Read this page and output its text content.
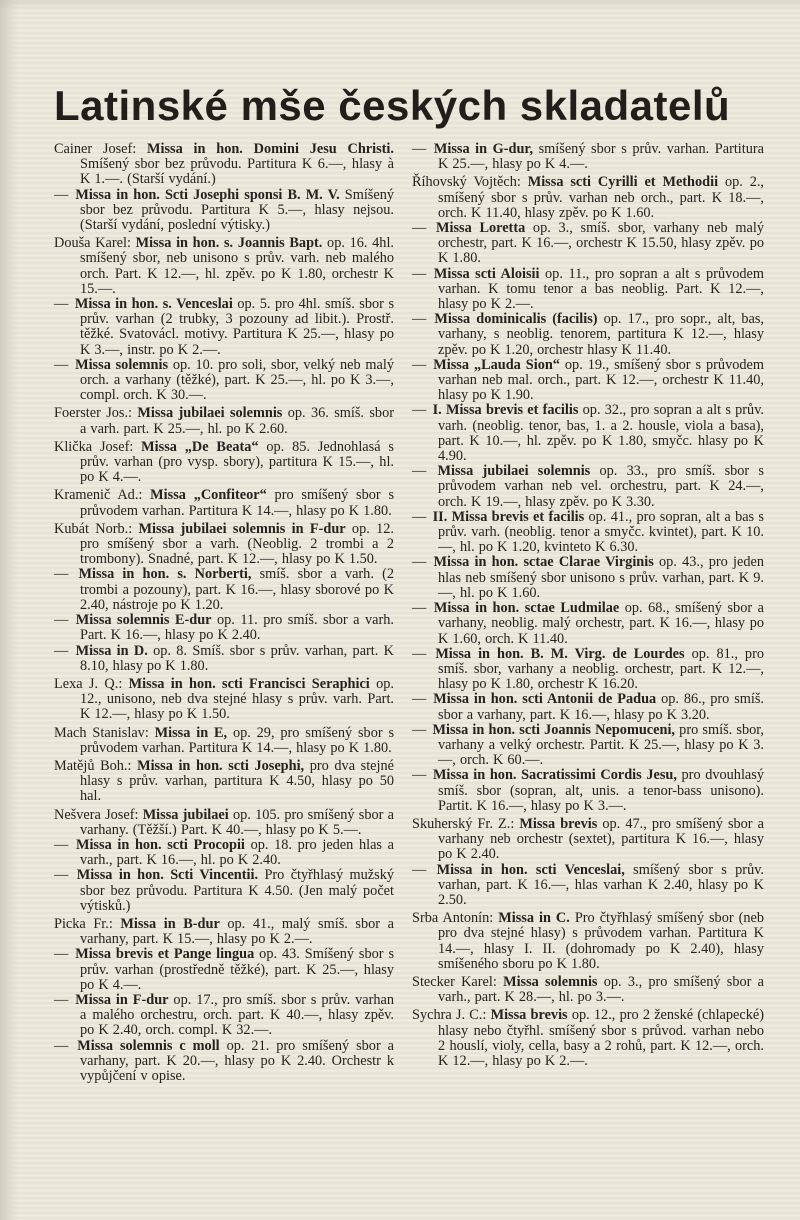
Latinské mše českých skladatelů
Cainer Josef: Missa in hon. Domini Jesu Christi. Smíšený sbor bez průvodu. Partitura K 6.—, hlasy à K 1.—. (Starší vydání.)
— Missa in hon. Scti Josephi sponsi B. M. V. Smíšený sbor bez průvodu. Partitura K 5.—, hlasy nejsou. (Starší vydání, poslední výtisky.)
Douša Karel: Missa in hon. s. Joannis Bapt. op. 16. 4hl. smíšený sbor, neb unisono s prův. varh. neb malého orch. Part. K 12.—, hl. zpěv. po K 1.80, orchestr K 15.—.
— Missa in hon. s. Venceslai op. 5. pro 4hl. smíš. sbor s prův. varhan (2 trubky, 3 pozouny ad libit.). Prostř. těžké. Svatovácl. motivy. Partitura K 25.—, hlasy po K 3.—, instr. po K 2.—.
— Missa solemnis op. 10. pro soli, sbor, velký neb malý orch. a varhany (těžké), part. K 25.—, hl. po K 3.—, compl. orch. K 30.—.
Foerster Jos.: Missa jubilaei solemnis op. 36. smíš. sbor a varh. part. K 25.—, hl. po K 2.60.
Klička Josef: Missa „De Beata“ op. 85. Jednohlasá s prův. varhan (pro vysp. sbory), partitura K 15.—, hl. po K 4.—.
Kramenič Ad.: Missa „Confiteor“ pro smíšený sbor s průvodem varhan. Partitura K 14.—, hlasy po K 1.80.
Kubát Norb.: Missa jubilaei solemnis in F-dur op. 12. pro smíšený sbor a varh. (Neoblig. 2 trombi a 2 trombony). Snadné, part. K 12.—, hlasy po K 1.50.
— Missa in hon. s. Norberti, smíš. sbor a varh. (2 trombi a pozouny), part. K 16.—, hlasy sborové po K 2.40, nástroje po K 1.20.
— Missa solemnis E-dur op. 11. pro smíš. sbor a varh. Part. K 16.—, hlasy po K 2.40.
— Missa in D. op. 8. Smíš. sbor s prův. varhan, part. K 8.10, hlasy po K 1.80.
Lexa J. Q.: Missa in hon. scti Francisci Seraphici op. 12., unisono, neb dva stejné hlasy s prův. varh. Part. K 12.—, hlasy po K 1.50.
Mach Stanislav: Missa in E, op. 29, pro smíšený sbor s průvodem varhan. Partitura K 14.—, hlasy po K 1.80.
Matějů Boh.: Missa in hon. scti Josephi, pro dva stejné hlasy s prův. varhan, partitura K 4.50, hlasy po 50 hal.
Nešvera Josef: Missa jubilaei op. 105. pro smíšený sbor a varhany. (Těžší.) Part. K 40.—, hlasy po K 5.—.
— Missa in hon. scti Procopii op. 18. pro jeden hlas a varh., part. K 16.—, hl. po K 2.40.
— Missa in hon. Scti Vincentii. Pro čtyřhlasý mužský sbor bez průvodu. Partitura K 4.50. (Jen malý počet výtisků.)
Picka Fr.: Missa in B-dur op. 41., malý smíš. sbor a varhany, part. K 15.—, hlasy po K 2.—.
— Missa brevis et Pange lingua op. 43. Smíšený sbor s prův. varhan (prostředně těžké), part. K 25.—, hlasy po K 4.—.
— Missa in F-dur op. 17., pro smíš. sbor s prův. varhan a malého orchestru, orch. part. K 40.—, hlasy zpěv. po K 2.40, orch. compl. K 32.—.
— Missa solemnis c moll op. 21. pro smíšený sbor a varhany, part. K 20.—, hlasy po K 2.40. Orchestr k vypůjčení v opise.
— Missa in G-dur, smíšený sbor s prův. varhan. Partitura K 25.—, hlasy po K 4.—.
Říhovský Vojtěch: Missa scti Cyrilli et Methodii op. 2., smíšený sbor s prův. varhan neb orch., part. K 18.—, orch. K 11.40, hlasy zpěv. po K 1.60.
— Missa Loretta op. 3., smíš. sbor, varhany neb malý orchestr, part. K 16.—, orchestr K 15.50, hlasy zpěv. po K 1.80.
— Missa scti Aloisii op. 11., pro sopran a alt s průvodem varhan. K tomu tenor a bas neoblig. Part. K 12.—, hlasy po K 2.—.
— Missa dominicalis (facilis) op. 17., pro sopr., alt, bas, varhany, s neoblig. tenorem, partitura K 12.—, hlasy zpěv. po K 1.20, orchestr hlasy K 11.40.
— Missa „Lauda Sion“ op. 19., smíšený sbor s průvodem varhan neb mal. orch., part. K 12.—, orchestr K 11.40, hlasy po K 1.90.
— I. Missa brevis et facilis op. 32., pro sopran a alt s prův. varh. (neoblig. tenor, bas, 1. a 2. housle, viola a basa), part. K 10.—, hl. zpěv. po K 1.80, smyčc. hlasy po K 4.90.
— Missa jubilaei solemnis op. 33., pro smíš. sbor s průvodem varhan neb vel. orchestru, part. K 24.—, orch. K 19.—, hlasy zpěv. po K 3.30.
— II. Missa brevis et facilis op. 41., pro sopran, alt a bas s prův. varh. (neoblig. tenor a smyčc. kvintet), part. K 10.—, hl. po K 1.20, kvinteto K 6.30.
— Missa in hon. sctae Clarae Virginis op. 43., pro jeden hlas neb smíšený sbor unisono s prův. varhan, part. K 9.—, hl. po K 1.60.
— Missa in hon. sctae Ludmilae op. 68., smíšený sbor a varhany, neoblig. malý orchestr, part. K 16.—, hlasy po K 1.60, orch. K 11.40.
— Missa in hon. B. M. Virg. de Lourdes op. 81., pro smíš. sbor, varhany a neoblig. orchestr, part. K 12.—, hlasy po K 1.80, orchestr K 16.20.
— Missa in hon. scti Antonii de Padua op. 86., pro smíš. sbor a varhany, part. K 16.—, hlasy po K 3.20.
— Missa in hon. scti Joannis Nepomuceni, pro smíš. sbor, varhany a velký orchestr. Partit. K 25.—, hlasy po K 3.—, orch. K 60.—.
— Missa in hon. Sacratissimi Cordis Jesu, pro dvouhlasý smíš. sbor (sopran, alt, unis. a tenor-bass unisono). Partit. K 16.—, hlasy po K 3.—.
Skuherský Fr. Z.: Missa brevis op. 47., pro smíšený sbor a varhany neb orchestr (sextet), partitura K 16.—, hlasy po K 2.40.
— Missa in hon. scti Venceslai, smíšený sbor s prův. varhan, part. K 16.—, hlas varhan K 2.40, hlasy po K 2.50.
Srba Antonín: Missa in C. Pro čtyřhlasý smíšený sbor (neb pro dva stejné hlasy) s průvodem varhan. Partitura K 14.—, hlasy I. II. (dohromady po K 2.40), hlasy smíšeného sboru po K 1.80.
Stecker Karel: Missa solemnis op. 3., pro smíšený sbor a varh., part. K 28.—, hl. po 3.—.
Sychra J. C.: Missa brevis op. 12., pro 2 ženské (chlapecké) hlasy nebo čtyřhl. smíšený sbor s průvod. varhan nebo 2 houslí, violy, cella, basy a 2 rohů, part. K 12.—, orch. K 12.—, hlasy po K 2.—.
